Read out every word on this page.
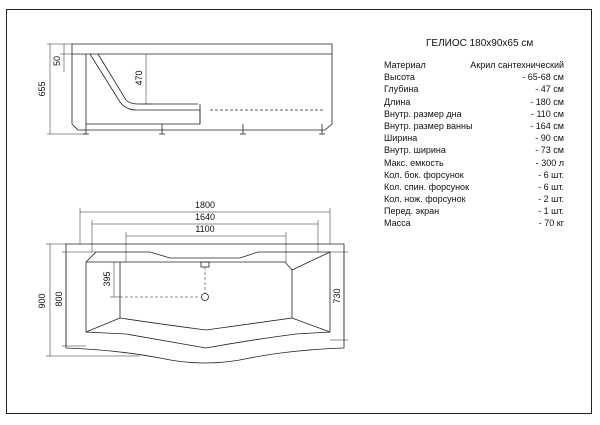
655
50
470
1800
1640
1100
900 800
395
730
ГЕЛИОС 180х90х65 см
Материал	Акрил сантехнический
Высота	- 65-68 см
Глубина	- 47 см
Длина	- 180 см
Внутр. размер дна	- 110 см
Внутр. размер ванны	- 164 см
Ширина	- 90 см
Внутр. ширина	- 73 см
Макс. емкость	- 300 л
Кол. бок. форсунок	- 6 шт.
Кол. спин. форсунок	- 6 шт.
Кол. нож. форсунок	- 2 шт.
Перед. экран	- 1 шт.
Масса	- 70 кг
